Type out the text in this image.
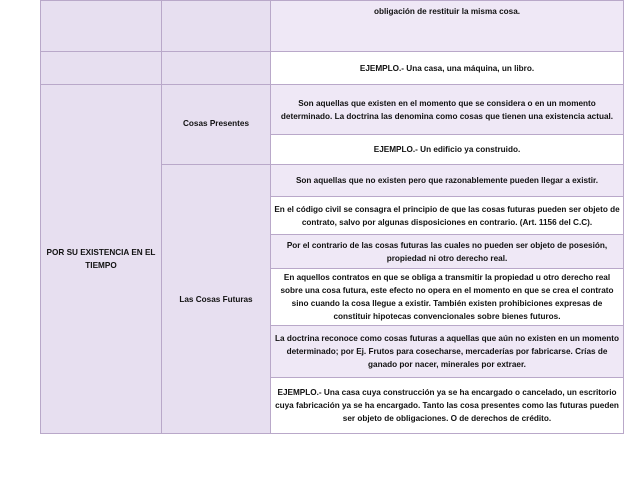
		obligación de restituir la misma cosa.
		EJEMPLO.- Una casa, una máquina, un libro.
POR SU EXISTENCIA EN EL TIEMPO	Cosas Presentes	Son aquellas que existen en el momento que se considera o en un momento determinado. La doctrina las denomina como cosas que tienen una existencia actual.
		EJEMPLO.- Un edificio ya construido.
	Las Cosas Futuras	Son aquellas que no existen pero que razonablemente pueden llegar a existir.
		En el código civil se consagra el principio de que las cosas futuras pueden ser objeto de contrato, salvo por algunas disposiciones en contrario. (Art. 1156 del C.C).
		Por el contrario de las cosas futuras las cuales no pueden ser objeto de posesión, propiedad ni otro derecho real.
		En aquellos contratos en que se obliga a transmitir la propiedad u otro derecho real sobre una cosa futura, este efecto no opera en el momento en que se crea el contrato sino cuando la cosa llegue a existir. También existen prohibiciones expresas de constituir hipotecas convencionales sobre bienes futuros.
		La doctrina reconoce como cosas futuras a aquellas que aún no existen en un momento determinado; por Ej. Frutos para cosecharse, mercaderías por fabricarse. Crías de ganado por nacer, minerales por extraer.
		EJEMPLO.- Una casa cuya construcción ya se ha encargado o cancelado, un escritorio cuya fabricación ya se ha encargado. Tanto las cosa presentes como las futuras pueden ser objeto de obligaciones. O de derechos de crédito.
